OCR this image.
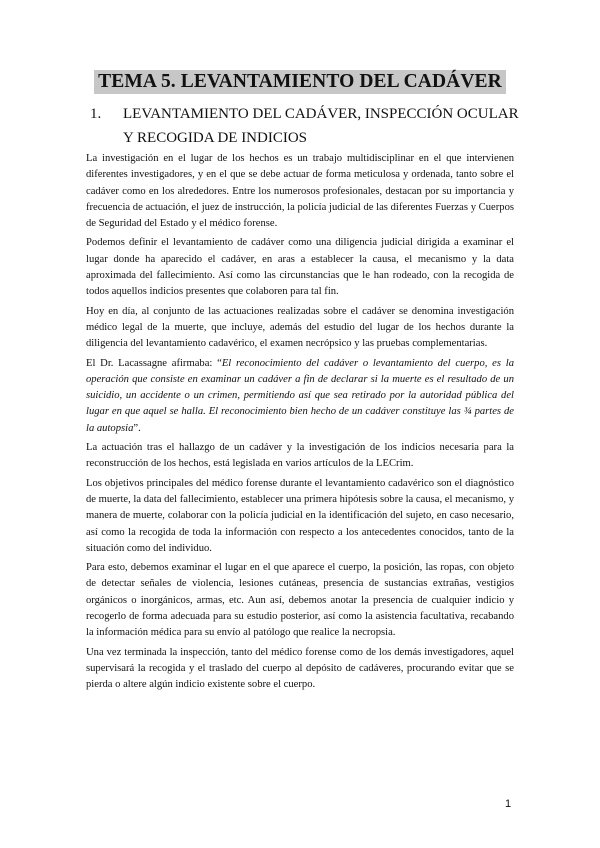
TEMA 5. LEVANTAMIENTO DEL CADÁVER
1. LEVANTAMIENTO DEL CADÁVER, INSPECCIÓN OCULAR Y RECOGIDA DE INDICIOS

La investigación en el lugar de los hechos es un trabajo multidisciplinar en el que intervienen diferentes investigadores, y en el que se debe actuar de forma meticulosa y ordenada, tanto sobre el cadáver como en los alrededores. Entre los numerosos profesionales, destacan por su importancia y frecuencia de actuación, el juez de instrucción, la policía judicial de las diferentes Fuerzas y Cuerpos de Seguridad del Estado y el médico forense.

Podemos definir el levantamiento de cadáver como una diligencia judicial dirigida a examinar el lugar donde ha aparecido el cadáver, en aras a establecer la causa, el mecanismo y la data aproximada del fallecimiento. Así como las circunstancias que le han rodeado, con la recogida de todos aquellos indicios presentes que colaboren para tal fin.

Hoy en día, al conjunto de las actuaciones realizadas sobre el cadáver se denomina investigación médico legal de la muerte, que incluye, además del estudio del lugar de los hechos durante la diligencia del levantamiento cadavérico, el examen necrópsico y las pruebas complementarias.

El Dr. Lacassagne afirmaba: “El reconocimiento del cadáver o levantamiento del cuerpo, es la operación que consiste en examinar un cadáver a fin de declarar si la muerte es el resultado de un suicidio, un accidente o un crimen, permitiendo así que sea retirado por la autoridad pública del lugar en que aquel se halla. El reconocimiento bien hecho de un cadáver constituye las ¾ partes de la autopsia”.

La actuación tras el hallazgo de un cadáver y la investigación de los indicios necesaria para la reconstrucción de los hechos, está legislada en varios artículos de la LECrim.

Los objetivos principales del médico forense durante el levantamiento cadavérico son el diagnóstico de muerte, la data del fallecimiento, establecer una primera hipótesis sobre la causa, el mecanismo, y manera de muerte, colaborar con la policía judicial en la identificación del sujeto, en caso necesario, así como la recogida de toda la información con respecto a los antecedentes conocidos, tanto de la situación como del individuo.

Para esto, debemos examinar el lugar en el que aparece el cuerpo, la posición, las ropas, con objeto de detectar señales de violencia, lesiones cutáneas, presencia de sustancias extrañas, vestigios orgánicos o inorgánicos, armas, etc. Aun así, debemos anotar la presencia de cualquier indicio y recogerlo de forma adecuada para su estudio posterior, así como la asistencia facultativa, recabando la información médica para su envío al patólogo que realice la necropsia.

Una vez terminada la inspección, tanto del médico forense como de los demás investigadores, aquel supervisará la recogida y el traslado del cuerpo al depósito de cadáveres, procurando evitar que se pierda o altere algún indicio existente sobre el cuerpo.

1
